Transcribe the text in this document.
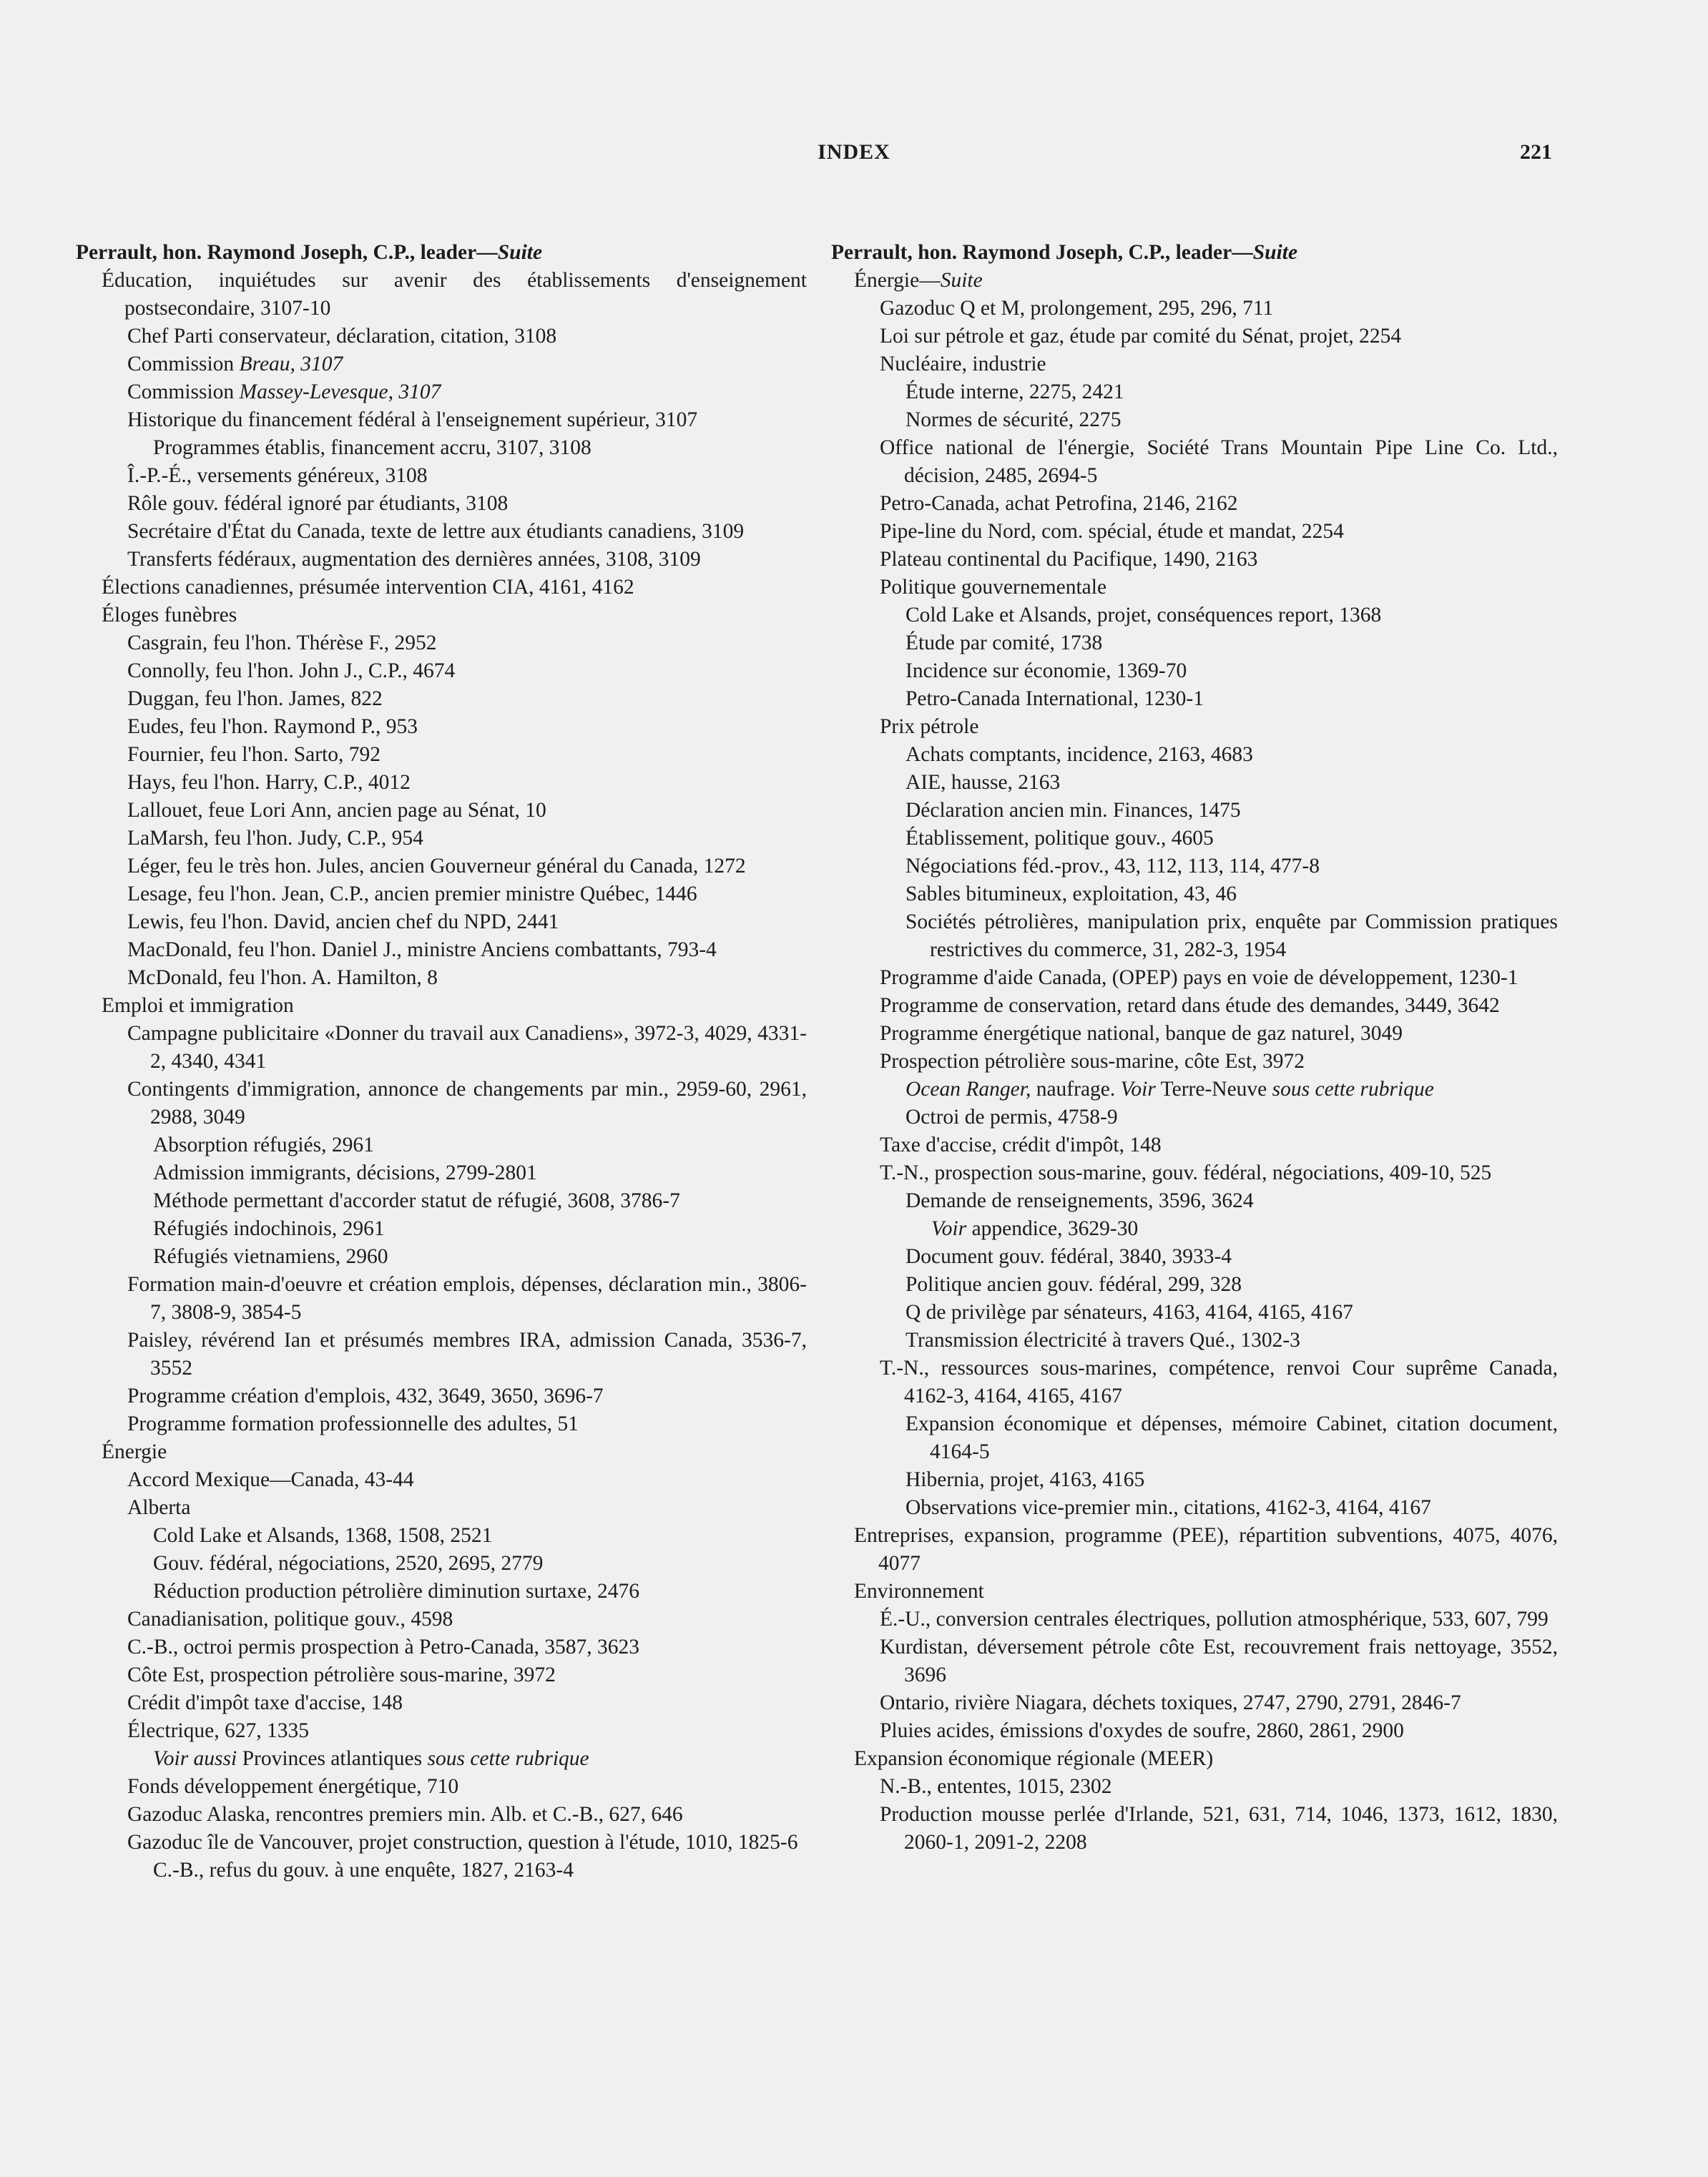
INDEX	221
Perrault, hon. Raymond Joseph, C.P., leader—Suite
Éducation, inquiétudes sur avenir des établissements d'enseignement postsecondaire, 3107-10
Chef Parti conservateur, déclaration, citation, 3108
Commission Breau, 3107
Commission Massey-Levesque, 3107
Historique du financement fédéral à l'enseignement supérieur, 3107
Programmes établis, financement accru, 3107, 3108
Î.-P.-É., versements généreux, 3108
Rôle gouv. fédéral ignoré par étudiants, 3108
Secrétaire d'État du Canada, texte de lettre aux étudiants canadiens, 3109
Transferts fédéraux, augmentation des dernières années, 3108, 3109
Élections canadiennes, présumée intervention CIA, 4161, 4162
Éloges funèbres
Casgrain, feu l'hon. Thérèse F., 2952
Connolly, feu l'hon. John J., C.P., 4674
Duggan, feu l'hon. James, 822
Eudes, feu l'hon. Raymond P., 953
Fournier, feu l'hon. Sarto, 792
Hays, feu l'hon. Harry, C.P., 4012
Lallouet, feue Lori Ann, ancien page au Sénat, 10
LaMarsh, feu l'hon. Judy, C.P., 954
Léger, feu le très hon. Jules, ancien Gouverneur général du Canada, 1272
Lesage, feu l'hon. Jean, C.P., ancien premier ministre Québec, 1446
Lewis, feu l'hon. David, ancien chef du NPD, 2441
MacDonald, feu l'hon. Daniel J., ministre Anciens combattants, 793-4
McDonald, feu l'hon. A. Hamilton, 8
Emploi et immigration
Campagne publicitaire «Donner du travail aux Canadiens», 3972-3, 4029, 4331-2, 4340, 4341
Contingents d'immigration, annonce de changements par min., 2959-60, 2961, 2988, 3049
Absorption réfugiés, 2961
Admission immigrants, décisions, 2799-2801
Méthode permettant d'accorder statut de réfugié, 3608, 3786-7
Réfugiés indochinois, 2961
Réfugiés vietnamiens, 2960
Formation main-d'oeuvre et création emplois, dépenses, déclaration min., 3806-7, 3808-9, 3854-5
Paisley, révérend Ian et présumés membres IRA, admission Canada, 3536-7, 3552
Programme création d'emplois, 432, 3649, 3650, 3696-7
Programme formation professionnelle des adultes, 51
Énergie
Accord Mexique—Canada, 43-44
Alberta
Cold Lake et Alsands, 1368, 1508, 2521
Gouv. fédéral, négociations, 2520, 2695, 2779
Réduction production pétrolière diminution surtaxe, 2476
Canadianisation, politique gouv., 4598
C.-B., octroi permis prospection à Petro-Canada, 3587, 3623
Côte Est, prospection pétrolière sous-marine, 3972
Crédit d'impôt taxe d'accise, 148
Électrique, 627, 1335
Voir aussi Provinces atlantiques sous cette rubrique
Fonds développement énergétique, 710
Gazoduc Alaska, rencontres premiers min. Alb. et C.-B., 627, 646
Gazoduc île de Vancouver, projet construction, question à l'étude, 1010, 1825-6
C.-B., refus du gouv. à une enquête, 1827, 2163-4
Perrault, hon. Raymond Joseph, C.P., leader—Suite
Énergie—Suite
Gazoduc Q et M, prolongement, 295, 296, 711
Loi sur pétrole et gaz, étude par comité du Sénat, projet, 2254
Nucléaire, industrie
Étude interne, 2275, 2421
Normes de sécurité, 2275
Office national de l'énergie, Société Trans Mountain Pipe Line Co. Ltd., décision, 2485, 2694-5
Petro-Canada, achat Petrofina, 2146, 2162
Pipe-line du Nord, com. spécial, étude et mandat, 2254
Plateau continental du Pacifique, 1490, 2163
Politique gouvernementale
Cold Lake et Alsands, projet, conséquences report, 1368
Étude par comité, 1738
Incidence sur économie, 1369-70
Petro-Canada International, 1230-1
Prix pétrole
Achats comptants, incidence, 2163, 4683
AIE, hausse, 2163
Déclaration ancien min. Finances, 1475
Établissement, politique gouv., 4605
Négociations féd.-prov., 43, 112, 113, 114, 477-8
Sables bitumineux, exploitation, 43, 46
Sociétés pétrolières, manipulation prix, enquête par Commission pratiques restrictives du commerce, 31, 282-3, 1954
Programme d'aide Canada, (OPEP) pays en voie de développement, 1230-1
Programme de conservation, retard dans étude des demandes, 3449, 3642
Programme énergétique national, banque de gaz naturel, 3049
Prospection pétrolière sous-marine, côte Est, 3972
Ocean Ranger, naufrage. Voir Terre-Neuve sous cette rubrique
Octroi de permis, 4758-9
Taxe d'accise, crédit d'impôt, 148
T.-N., prospection sous-marine, gouv. fédéral, négociations, 409-10, 525
Demande de renseignements, 3596, 3624
Voir appendice, 3629-30
Document gouv. fédéral, 3840, 3933-4
Politique ancien gouv. fédéral, 299, 328
Q de privilège par sénateurs, 4163, 4164, 4165, 4167
Transmission électricité à travers Qué., 1302-3
T.-N., ressources sous-marines, compétence, renvoi Cour suprême Canada, 4162-3, 4164, 4165, 4167
Expansion économique et dépenses, mémoire Cabinet, citation document, 4164-5
Hibernia, projet, 4163, 4165
Observations vice-premier min., citations, 4162-3, 4164, 4167
Entreprises, expansion, programme (PEE), répartition subventions, 4075, 4076, 4077
Environnement
É.-U., conversion centrales électriques, pollution atmosphérique, 533, 607, 799
Kurdistan, déversement pétrole côte Est, recouvrement frais nettoyage, 3552, 3696
Ontario, rivière Niagara, déchets toxiques, 2747, 2790, 2791, 2846-7
Pluies acides, émissions d'oxydes de soufre, 2860, 2861, 2900
Expansion économique régionale (MEER)
N.-B., ententes, 1015, 2302
Production mousse perlée d'Irlande, 521, 631, 714, 1046, 1373, 1612, 1830, 2060-1, 2091-2, 2208
